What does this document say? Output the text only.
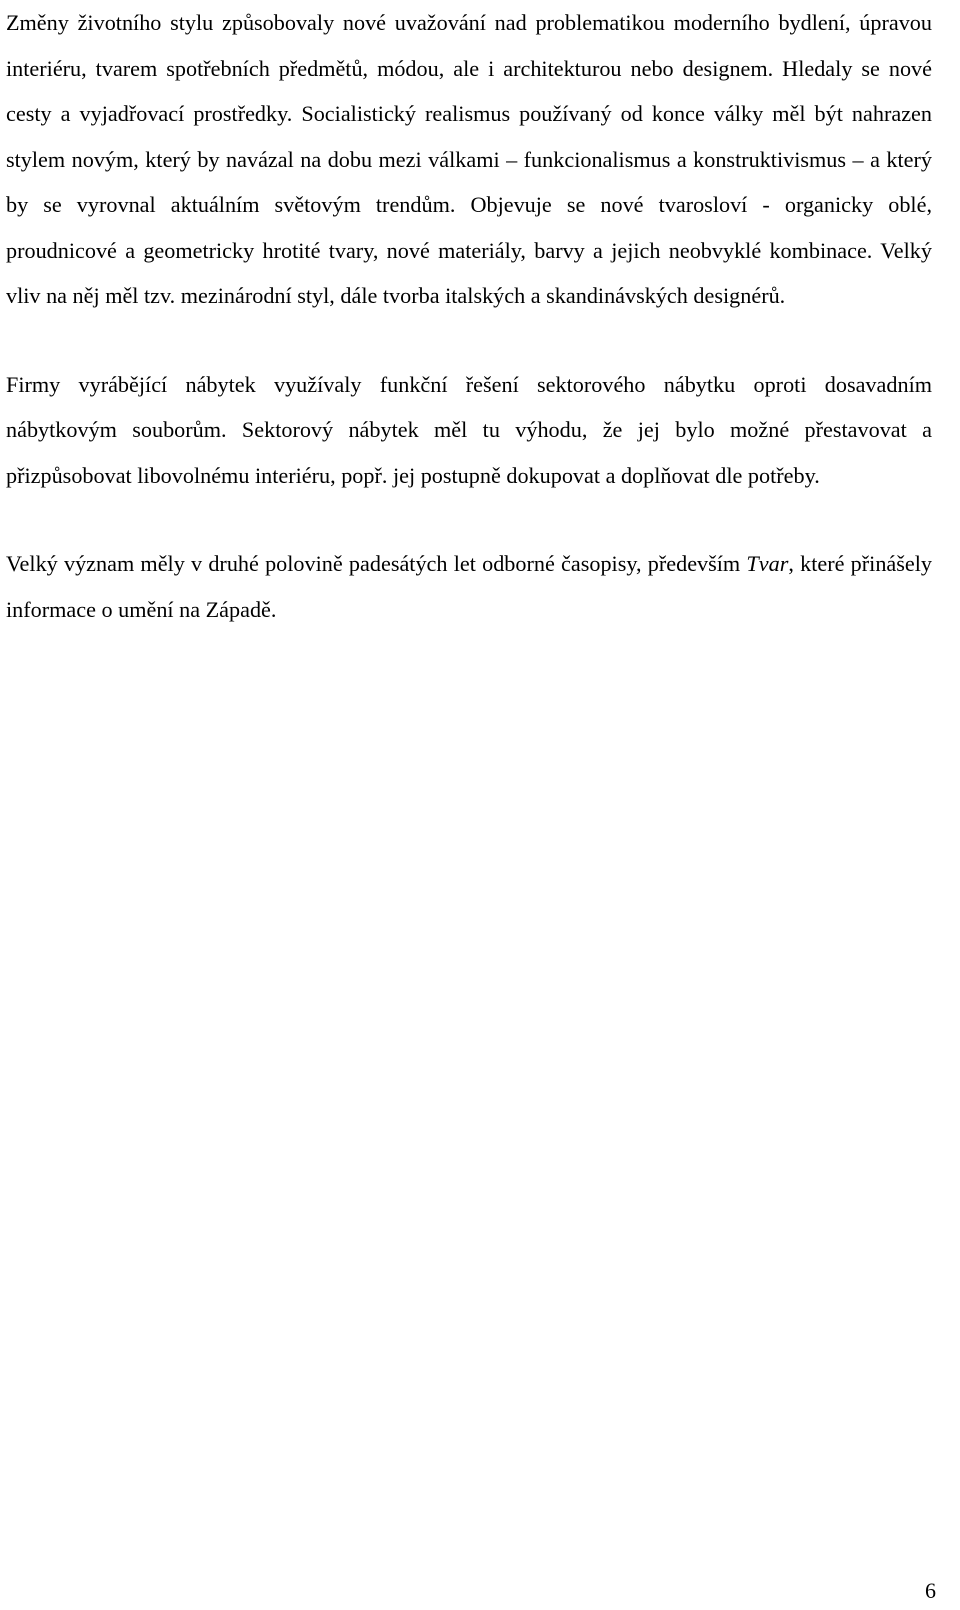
Změny životního stylu způsobovaly nové uvažování nad problematikou moderního bydlení, úpravou interiéru, tvarem spotřebních předmětů, módou, ale i architekturou nebo designem. Hledaly se nové cesty a vyjadřovací prostředky. Socialistický realismus používaný od konce války měl být nahrazen stylem novým, který by navázal na dobu mezi válkami – funkcionalismus a konstruktivismus – a který by se vyrovnal aktuálním světovým trendům. Objevuje se nové tvarosloví - organicky oblé, proudnicové a geometricky hrotité tvary, nové materiály, barvy a jejich neobvyklé kombinace. Velký vliv na něj měl tzv. mezinárodní styl, dále tvorba italských a skandinávských designérů.

Firmy vyrábějící nábytek využívaly funkční řešení sektorového nábytku oproti dosavadním nábytkovým souborům. Sektorový nábytek měl tu výhodu, že jej bylo možné přestavovat a přizpůsobovat libovolnému interiéru, popř. jej postupně dokupovat a doplňovat dle potřeby.

Velký význam měly v druhé polovině padesátých let odborné časopisy, především Tvar, které přinášely informace o umění na Západě.

6
